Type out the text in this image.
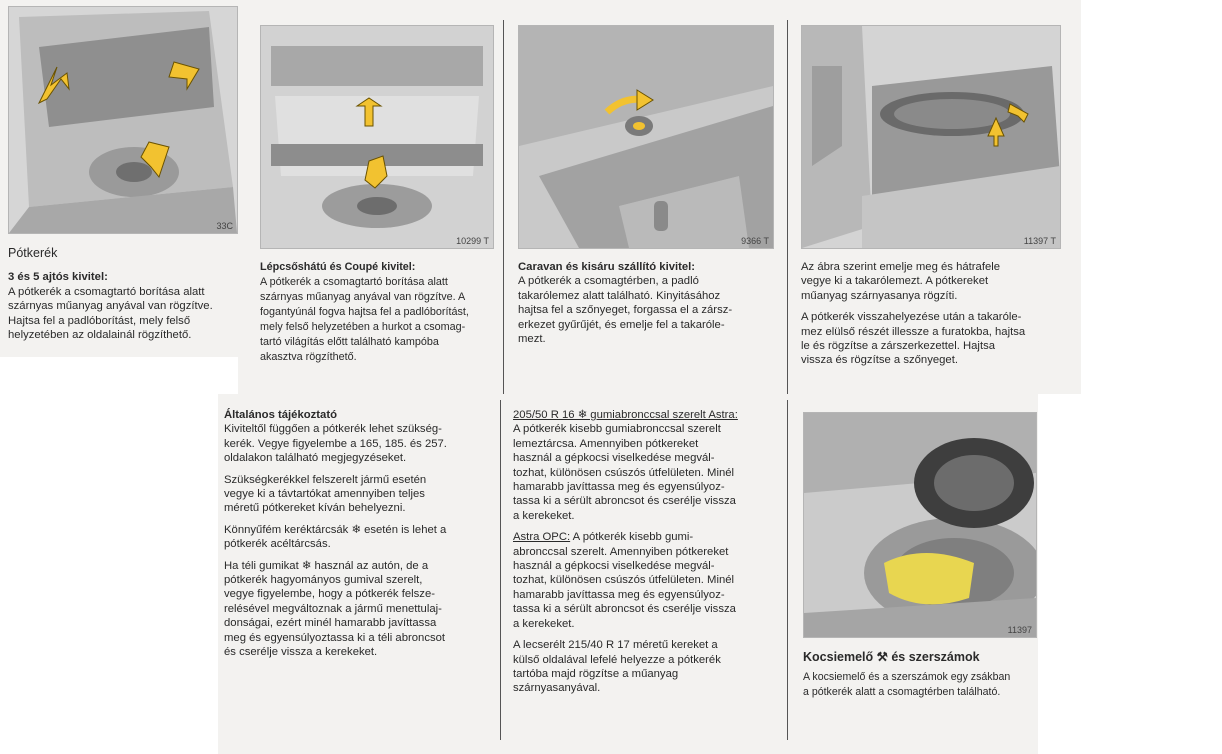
33C
Pótkerék
3 és 5 ajtós kivitel:
A pótkerék a csomagtartó borítása alatt
szárnyas műanyag anyával van rögzítve.
Hajtsa fel a padlóborítást, mely felső
helyzetében az oldalainál rögzíthető.
10299 T
Lépcsőshátú és Coupé kivitel:
A pótkerék a csomagtartó borítása alatt
szárnyas műanyag anyával van rögzítve. A
fogantyúnál fogva hajtsa fel a padlóborítást,
mely felső helyzetében a hurkot a csomag-
tartó világítás előtt található kampóba
akasztva rögzíthető.
9366 T
Caravan és kisáru szállító kivitel:
A pótkerék a csomagtérben, a padló
takarólemez alatt található. Kinyitásához
hajtsa fel a szőnyeget, forgassa el a zársz-
erkezet gyűrűjét, és emelje fel a takaróle-
mezt.
11397 T

Az ábra szerint emelje meg és hátrafele
vegye ki a takarólemezt. A pótkereket
műanyag szárnyasanya rögzíti.

A pótkerék visszahelyezése után a takaróle-
mez elülső részét illessze a furatokba, hajtsa
le és rögzítse a zárszerkezettel. Hajtsa
vissza és rögzítse a szőnyeget.

Általános tájékoztató

Kiviteltől függően a pótkerék lehet szükség-
kerék. Vegye figyelembe a 165, 185. és 257.
oldalakon található megjegyzéseket.

Szükségkerékkel felszerelt jármű esetén
vegye ki a távtartókat amennyiben teljes
méretű pótkereket kíván behelyezni.

Könnyűfém keréktárcsák ❄ esetén is lehet a
pótkerék acéltárcsás.

Ha téli gumikat ❄ használ az autón, de a
pótkerék hagyományos gumival szerelt,
vegye figyelembe, hogy a pótkerék felsze-
relésével megváltoznak a jármű menettulaj-
donságai, ezért minél hamarabb javíttassa
meg és egyensúlyoztassa ki a téli abroncsot
és cserélje vissza a kerekeket.

205/50 R 16 ❄ gumiabronccsal szerelt Astra:

A pótkerék kisebb gumiabronccsal szerelt
lemeztárcsa. Amennyiben pótkereket
használ a gépkocsi viselkedése megvál-
tozhat, különösen csúszós útfelületen. Minél
hamarabb javíttassa meg és egyensúlyoz-
tassa ki a sérült abroncsot és cserélje vissza
a kerekeket.

Astra OPC: A pótkerék kisebb gumi-
abronccsal szerelt. Amennyiben pótkereket
használ a gépkocsi viselkedése megvál-
tozhat, különösen csúszós útfelületen. Minél
hamarabb javíttassa meg és egyensúlyoz-
tassa ki a sérült abroncsot és cserélje vissza
a kerekeket.

A lecserélt 215/40 R 17 méretű kereket a
külső oldalával lefelé helyezze a pótkerék
tartóba majd rögzítse a műanyag
szárnyasanyával.

11397
Kocsiemelő ⚒ és szerszámok
A kocsiemelő és a szerszámok egy zsákban
a pótkerék alatt a csomagtérben található.
